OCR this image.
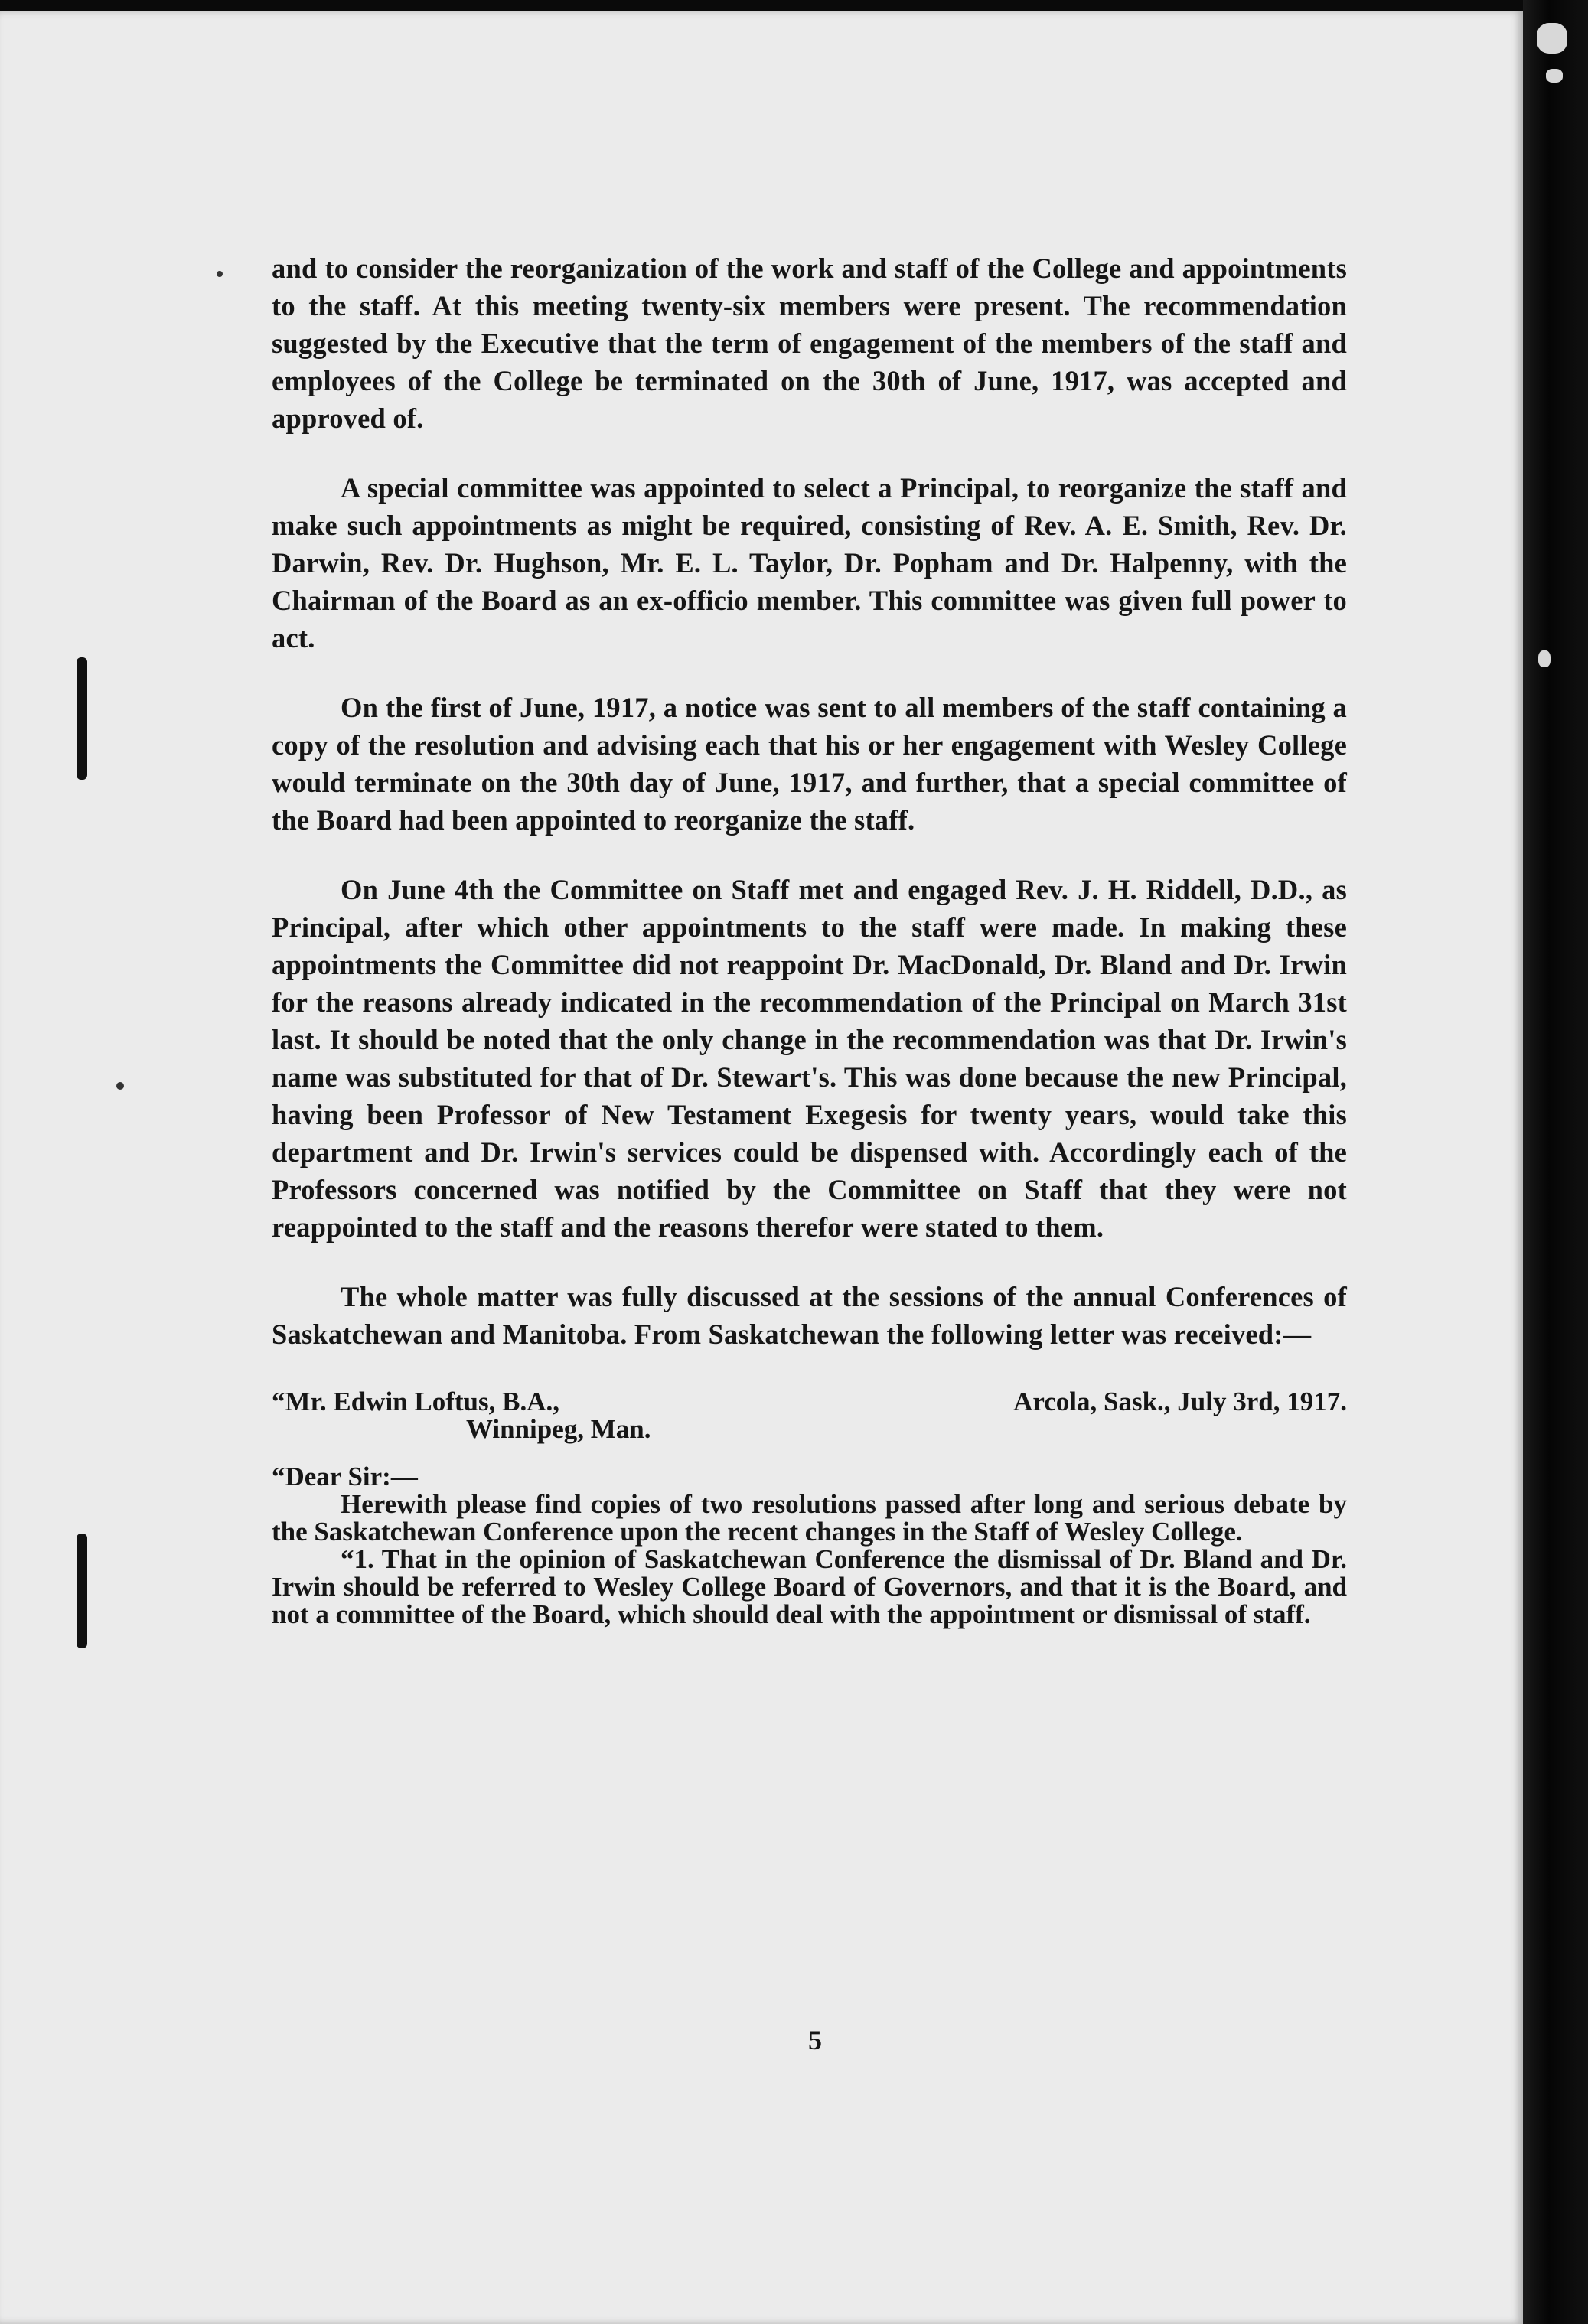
and to consider the reorganization of the work and staff of the College and appointments to the staff. At this meeting twenty-six members were present. The recommendation suggested by the Executive that the term of engagement of the members of the staff and employees of the College be terminated on the 30th of June, 1917, was accepted and approved of.

A special committee was appointed to select a Principal, to reorganize the staff and make such appointments as might be required, consisting of Rev. A. E. Smith, Rev. Dr. Darwin, Rev. Dr. Hughson, Mr. E. L. Taylor, Dr. Popham and Dr. Halpenny, with the Chairman of the Board as an ex-officio member. This committee was given full power to act.

On the first of June, 1917, a notice was sent to all members of the staff containing a copy of the resolution and advising each that his or her engagement with Wesley College would terminate on the 30th day of June, 1917, and further, that a special committee of the Board had been appointed to reorganize the staff.

On June 4th the Committee on Staff met and engaged Rev. J. H. Riddell, D.D., as Principal, after which other appointments to the staff were made. In making these appointments the Committee did not reappoint Dr. MacDonald, Dr. Bland and Dr. Irwin for the reasons already indicated in the recommendation of the Principal on March 31st last. It should be noted that the only change in the recommendation was that Dr. Irwin's name was substituted for that of Dr. Stewart's. This was done because the new Principal, having been Professor of New Testament Exegesis for twenty years, would take this department and Dr. Irwin's services could be dispensed with. Accordingly each of the Professors concerned was notified by the Committee on Staff that they were not reappointed to the staff and the reasons therefor were stated to them.

The whole matter was fully discussed at the sessions of the annual Conferences of Saskatchewan and Manitoba. From Saskatchewan the following letter was received:—

“Mr. Edwin Loftus, B.A.,	Arcola, Sask., July 3rd, 1917.
Winnipeg, Man.
“Dear Sir:—

Herewith please find copies of two resolutions passed after long and serious debate by the Saskatchewan Conference upon the recent changes in the Staff of Wesley College.

“1. That in the opinion of Saskatchewan Conference the dismissal of Dr. Bland and Dr. Irwin should be referred to Wesley College Board of Governors, and that it is the Board, and not a committee of the Board, which should deal with the appointment or dismissal of staff.

5
